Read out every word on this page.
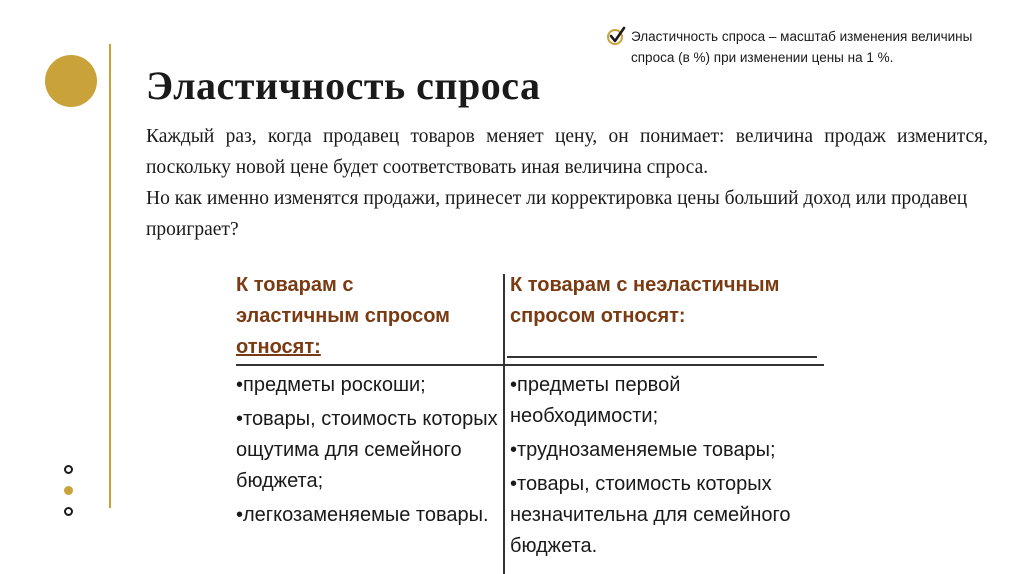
Эластичность спроса – масштаб изменения величины спроса (в %) при изменении цены на 1 %.
Эластичность спроса

Каждый раз, когда продавец товаров меняет цену, он понимает: величина продаж изменится, поскольку новой цене будет соответствовать иная величина спроса.

Но как именно изменятся продажи, принесет ли корректировка цены больший доход или продавец проиграет?

К товарам с
эластичным спросом
относят:
К товарам с неэластичным
спросом относят:
•предметы роскоши;
•товары, стоимость которых ощутима для семейного бюджета;
•легкозаменяемые товары.
•предметы первой необходимости;
•труднозаменяемые товары;
•товары, стоимость которых незначительна для семейного бюджета.
